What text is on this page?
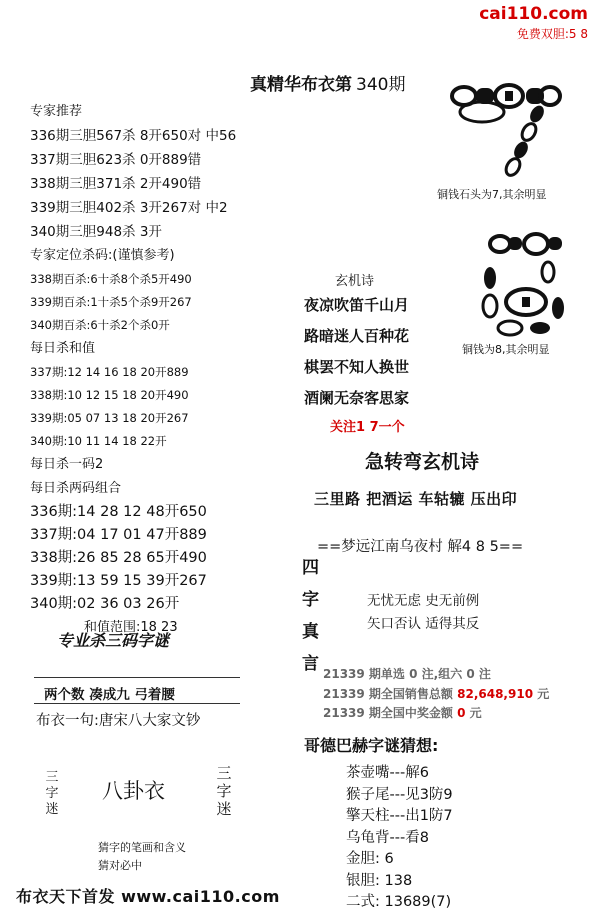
cai110.com
免费双胆:5 8
真精华布衣第 340期
专家推荐
336期三胆567杀 8开650对 中56
337期三胆623杀 0开889错
338期三胆371杀 2开490错
339期三胆402杀 3开267对 中2
340期三胆948杀 3开
专家定位杀码:(谨慎参考)
338期百杀:6十杀8个杀5开490
339期百杀:1十杀5个杀9开267
340期百杀:6十杀2个杀0开
每日杀和值
337期:12 14 16 18 20开889
338期:10 12 15 18 20开490
339期:05 07 13 18 20开267
340期:10 11 14 18 22开
每日杀一码2
每日杀两码组合
336期:14 28 12 48开650
337期:04 17 01 47开889
338期:26 85 28 65开490
339期:13 59 15 39开267
340期:02 36 03 26开
和值范围:18 23
专业杀三码字谜
两个数 凑成九 弓着腰
布衣一句:唐宋八大家文钞
三字迷
八卦衣
三字迷
猜字的笔画和含义
猜对必中
布衣天下首发 www.cai110.com
铜钱石头为7,其余明显
铜钱为8,其余明显
玄机诗
夜凉吹笛千山月
路暗迷人百种花
棋罢不知人换世
酒阑无奈客思家
关注1 7一个
急转弯玄机诗
三里路 把酒运 车轱辘 压出印
==梦远江南乌夜村 解4 8 5==
四
字
真
言
无忧无虑 史无前例
矢口否认 适得其反
21339 期单选 0 注,组六 0 注
21339 期全国销售总额 82,648,910 元
21339 期全国中奖金额 0 元
哥德巴赫字谜猜想:
茶壶嘴---解6
猴子尾---见3防9
擎天柱---出1防7
乌龟背---看8
金胆: 6
银胆: 138
二式: 13689(7)
